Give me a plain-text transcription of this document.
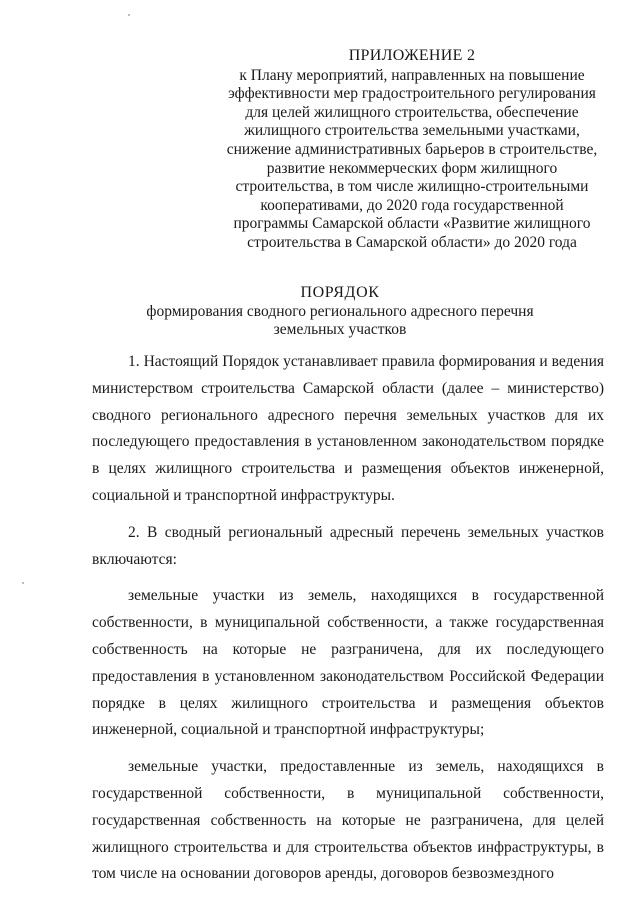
ПРИЛОЖЕНИЕ 2
к Плану мероприятий, направленных на повышение
эффективности мер градостроительного регулирования
для целей жилищного строительства, обеспечение
жилищного строительства земельными участками,
снижение административных барьеров в строительстве,
развитие некоммерческих форм жилищного
строительства, в том числе жилищно-строительными
кооперативами, до 2020 года государственной
программы Самарской области «Развитие жилищного
строительства в Самарской области» до 2020 года
ПОРЯДОК
формирования сводного регионального адресного перечня
земельных участков

1. Настоящий Порядок устанавливает правила формирования и ведения министерством строительства Самарской области (далее – министерство) сводного регионального адресного перечня земельных участков для их последующего предоставления в установленном законодательством порядке в целях жилищного строительства и размещения объектов инженерной, социальной и транспортной инфраструктуры.

2. В сводный региональный адресный перечень земельных участков включаются:

земельные участки из земель, находящихся в государственной собственности, в муниципальной собственности, а также государственная собственность на которые не разграничена, для их последующего предоставления в установленном законодательством Российской Федерации порядке в целях жилищного строительства и размещения объектов инженерной, социальной и транспортной инфраструктуры;

земельные участки, предоставленные из земель, находящихся в государственной собственности, в муниципальной собственности, государственная собственность на которые не разграничена, для целей жилищного строительства и для строительства объектов инфраструктуры, в том числе на основании договоров аренды, договоров безвозмездного
